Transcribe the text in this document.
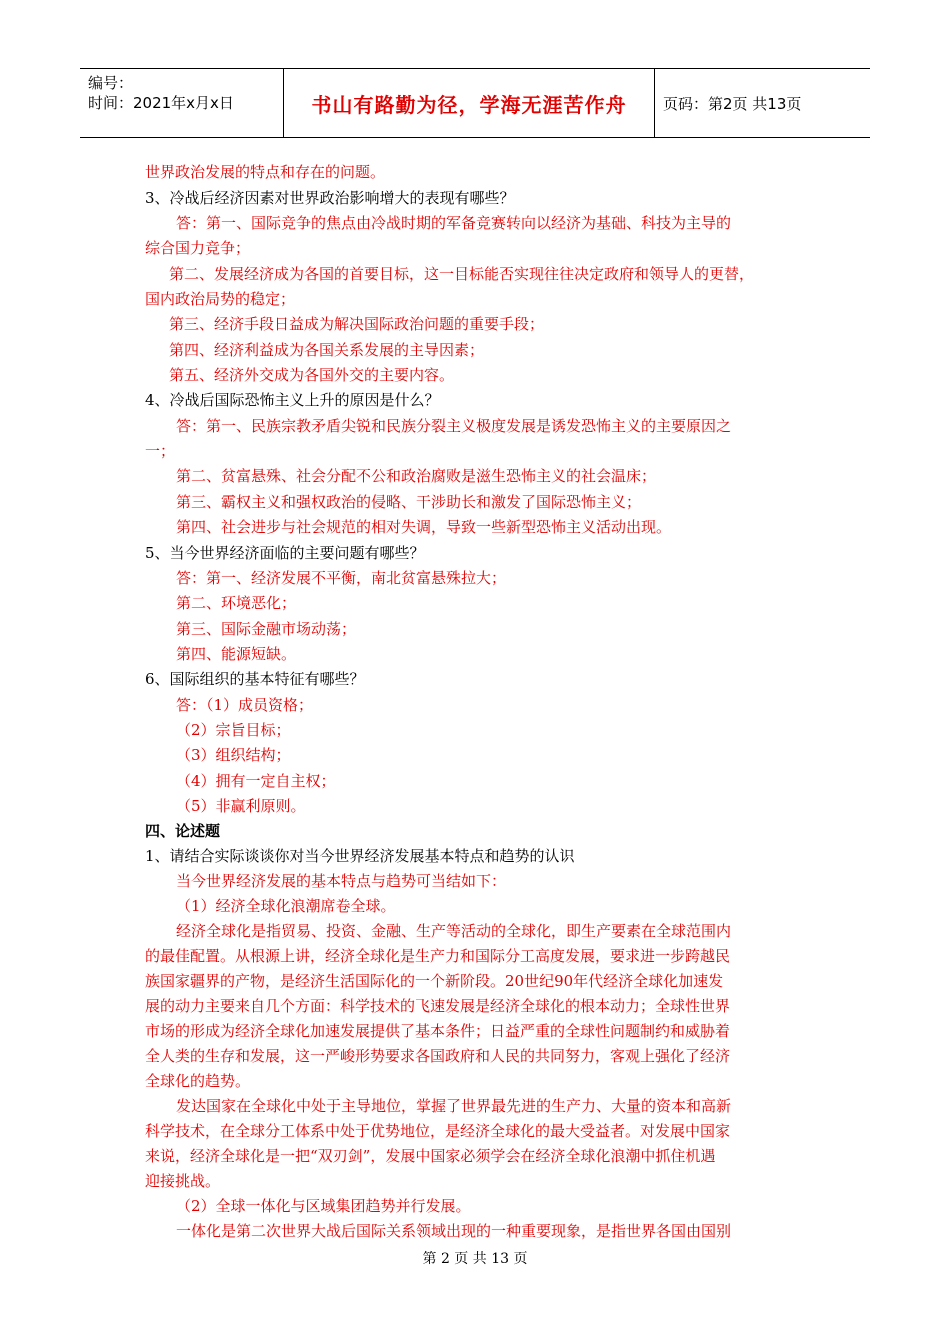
编号：
时间：2021年x月x日	书山有路勤为径，学海无涯苦作舟 页码：第2页 共13页
世界政治发展的特点和存在的问题。
3、冷战后经济因素对世界政治影响增大的表现有哪些？
答：第一、国际竞争的焦点由冷战时期的军备竞赛转向以经济为基础、科技为主导的
综合国力竞争；
第二、发展经济成为各国的首要目标，这一目标能否实现往往决定政府和领导人的更替，
国内政治局势的稳定；
第三、经济手段日益成为解决国际政治问题的重要手段；
第四、经济利益成为各国关系发展的主导因素；
第五、经济外交成为各国外交的主要内容。
4、冷战后国际恐怖主义上升的原因是什么？
答：第一、民族宗教矛盾尖锐和民族分裂主义极度发展是诱发恐怖主义的主要原因之
一；
第二、贫富悬殊、社会分配不公和政治腐败是滋生恐怖主义的社会温床；
第三、霸权主义和强权政治的侵略、干涉助长和激发了国际恐怖主义；
第四、社会进步与社会规范的相对失调，导致一些新型恐怖主义活动出现。
5、当今世界经济面临的主要问题有哪些？
答：第一、经济发展不平衡，南北贫富悬殊拉大；
第二、环境恶化；
第三、国际金融市场动荡；
第四、能源短缺。
6、国际组织的基本特征有哪些？
答：（1）成员资格；
（2）宗旨目标；
（3）组织结构；
（4）拥有一定自主权；
（5）非赢利原则。
四、论述题
1、请结合实际谈谈你对当今世界经济发展基本特点和趋势的认识
当今世界经济发展的基本特点与趋势可当结如下：
（1）经济全球化浪潮席卷全球。
经济全球化是指贸易、投资、金融、生产等活动的全球化，即生产要素在全球范围内
的最佳配置。从根源上讲，经济全球化是生产力和国际分工高度发展，要求进一步跨越民
族国家疆界的产物，是经济生活国际化的一个新阶段。20世纪90年代经济全球化加速发
展的动力主要来自几个方面：科学技术的飞速发展是经济全球化的根本动力；全球性世界
市场的形成为经济全球化加速发展提供了基本条件；日益严重的全球性问题制约和威胁着
全人类的生存和发展，这一严峻形势要求各国政府和人民的共同努力，客观上强化了经济
全球化的趋势。
发达国家在全球化中处于主导地位，掌握了世界最先进的生产力、大量的资本和高新
科学技术，在全球分工体系中处于优势地位，是经济全球化的最大受益者。对发展中国家
来说，经济全球化是一把“双刃剑”，发展中国家必须学会在经济全球化浪潮中抓住机遇
迎接挑战。
（2）全球一体化与区域集团趋势并行发展。
一体化是第二次世界大战后国际关系领域出现的一种重要现象，是指世界各国由国别
第 2 页 共 13 页
